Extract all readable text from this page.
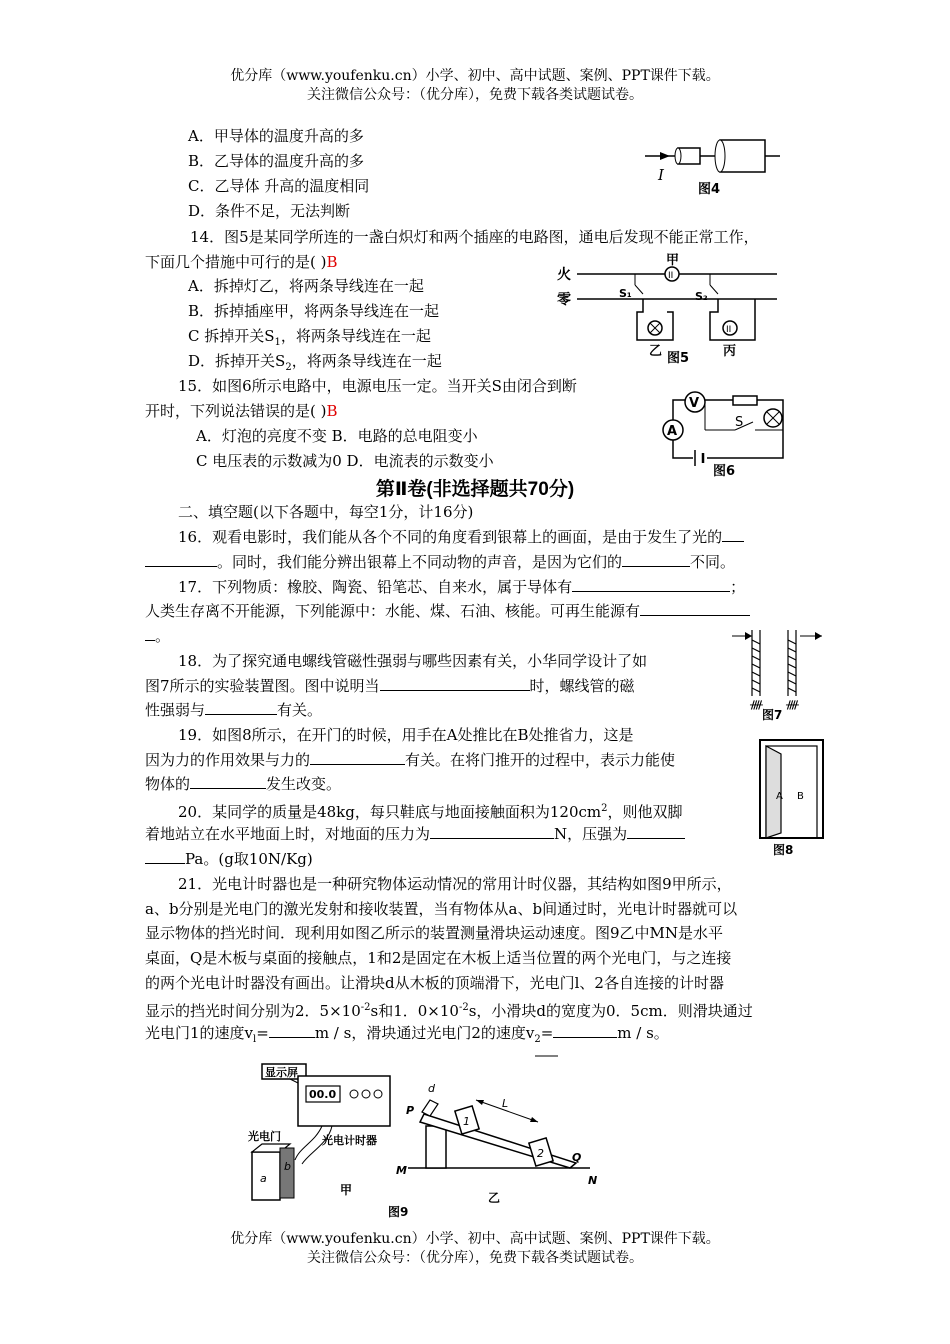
优分库（www.youfenku.cn）小学、初中、高中试题、案例、PPT课件下载。
关注微信公众号：（优分库），免费下载各类试题试卷。
A．甲导体的温度升高的多
B．乙导体的温度升高的多
C．乙导体 升高的温度相同
D．条件不足，无法判断
I
图4
14．图5是某同学所连的一盏白炽灯和两个插座的电路图，通电后发现不能正常工作，
下面几个措施中可行的是( )B
A．拆掉灯乙，将两条导线连在一起
B．拆掉插座甲，将两条导线连在一起
C 拆掉开关$S_1$，将两条导线连在一起
D．拆掉开关$S_2$，将两条导线连在一起
火
零
II
甲
S₁	S₂
乙
II
丙
图5
15．如图6所示电路中，电源电压一定。当开关S由闭合到断
开时，下列说法错误的是( )B
A．灯泡的亮度不变 B．电路的总电阻变小
C 电压表的示数减为0 D．电流表的示数变小
V
S
A
图6
第Ⅱ卷(非选择题共70分)
二、填空题(以下各题中，每空1分，计16分)
16．观看电影时，我们能从各个不同的角度看到银幕上的画面，是由于发生了光的
。同时，我们能分辨出银幕上不同动物的声音，是因为它们的	不同。
17．下列物质：橡胶、陶瓷、铅笔芯、自来水，属于导体有	；
人类生存离不开能源，下列能源中：水能、煤、石油、核能。可再生能源有
。
ᚎ ᚎ
图7
18．为了探究通电螺线管磁性强弱与哪些因素有关，小华同学设计了如
图7所示的实验装置图。图中说明当	时，螺线管的磁
性强弱与	有关。
19．如图8所示，在开门的时候，用手在A处推比在B处推省力，这是
因为力的作用效果与力的	有关。在将门推开的过程中，表示力能使
物体的	发生改变。
A B
图8
20．某同学的质量是48kg，每只鞋底与地面接触面积为$120cm^2$，则他双脚
着地站立在水平地面上时，对地面的压力为	N，压强为
Pa。(g取10N/Kg)
21．光电计时器也是一种研究物体运动情况的常用计时仪器，其结构如图9甲所示，
a、b分别是光电门的激光发射和接收装置，当有物体从a、b间通过时，光电计时器就可以
显示物体的挡光时间．现利用如图乙所示的装置测量滑块运动速度。图9乙中MN是水平
桌面，Q是木板与桌面的接触点，1和2是固定在木板上适当位置的两个光电门，与之连接
的两个光电计时器没有画出。让滑块d从木板的顶端滑下，光电门l、2各自连接的计时器
显示的挡光时间分别为2．$5\times 10^{-2}s$和1．$0\times 10^{-2}s$，小滑块d的宽度为0．5cm．则滑块通过
光电门1的速度$v_l=$	m / s，滑块通过光电门2的速度$v_2=$	m / s。
显示屏
00.0
光电计时器
光电门
a
b
甲
M
N
P
Q
d
1
2
L
乙
图9
优分库（www.youfenku.cn）小学、初中、高中试题、案例、PPT课件下载。
关注微信公众号：（优分库），免费下载各类试题试卷。
